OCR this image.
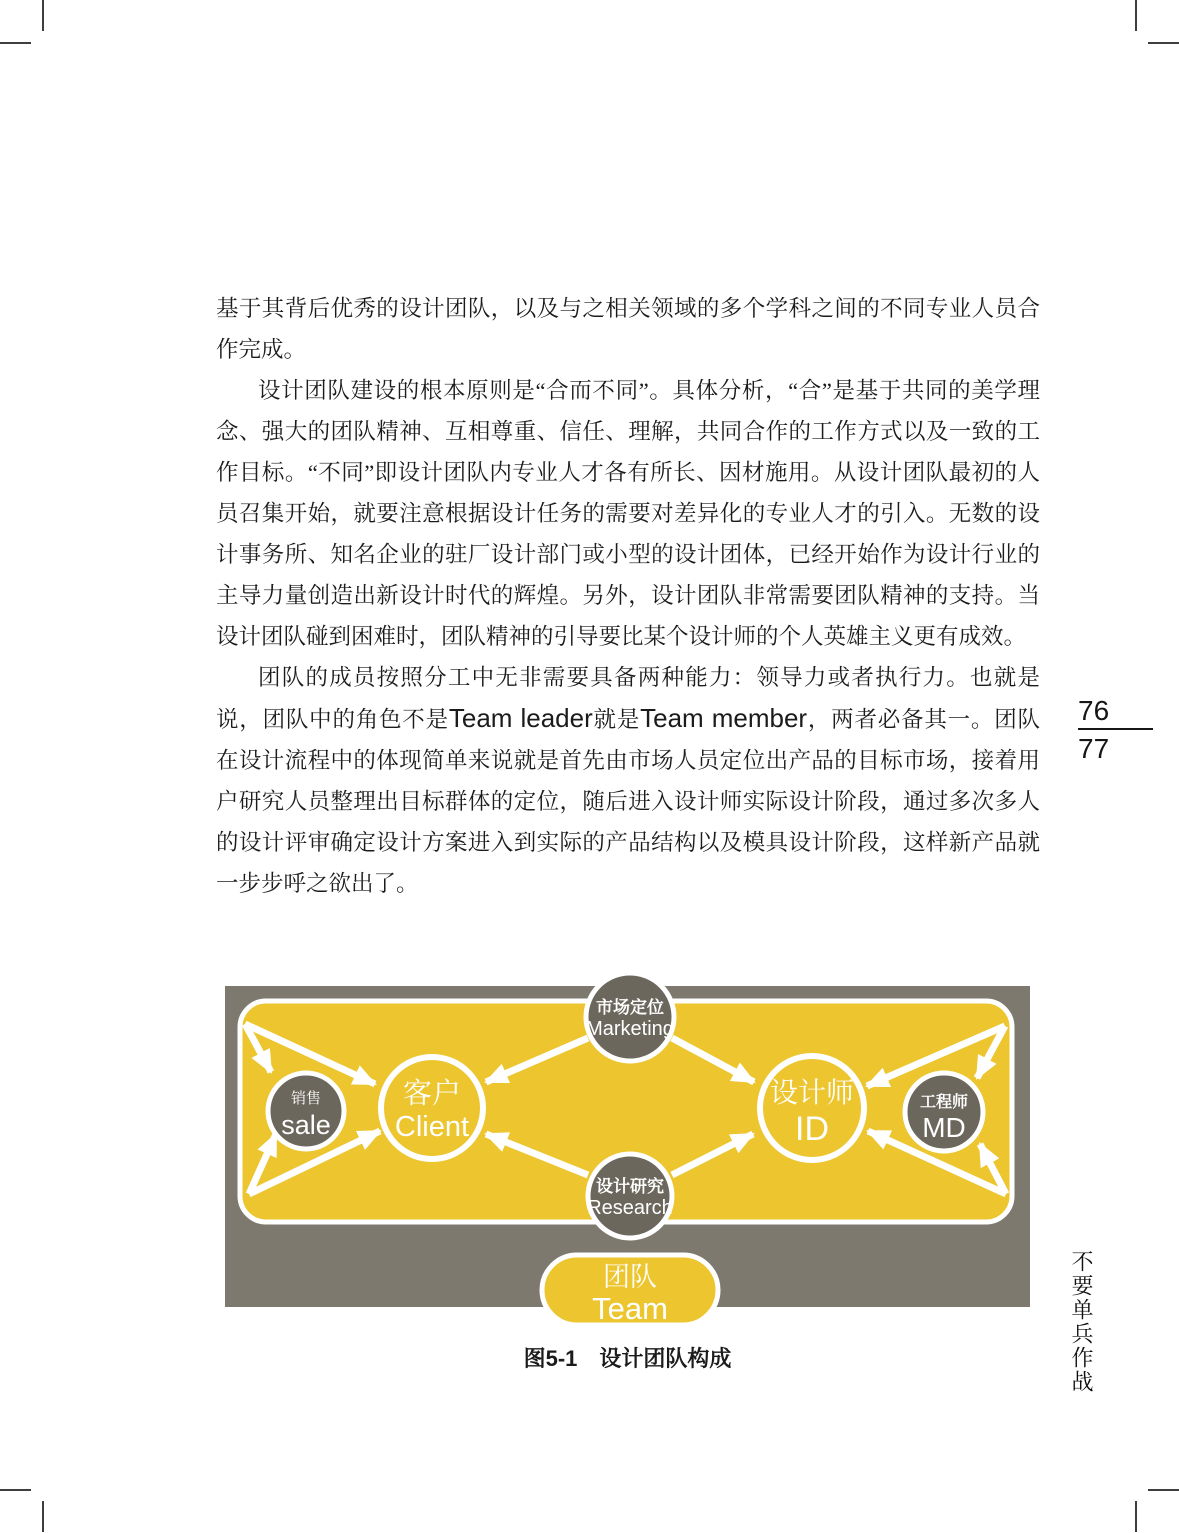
基于其背后优秀的设计团队，以及与之相关领域的多个学科之间的不同专业人员合作完成。

设计团队建设的根本原则是“合而不同”。具体分析，“合”是基于共同的美学理念、强大的团队精神、互相尊重、信任、理解，共同合作的工作方式以及一致的工作目标。“不同”即设计团队内专业人才各有所长、因材施用。从设计团队最初的人员召集开始，就要注意根据设计任务的需要对差异化的专业人才的引入。无数的设计事务所、知名企业的驻厂设计部门或小型的设计团体，已经开始作为设计行业的主导力量创造出新设计时代的辉煌。另外，设计团队非常需要团队精神的支持。当设计团队碰到困难时，团队精神的引导要比某个设计师的个人英雄主义更有成效。

团队的成员按照分工中无非需要具备两种能力：领导力或者执行力。也就是说，团队中的角色不是Team leader就是Team member，两者必备其一。团队在设计流程中的体现简单来说就是首先由市场人员定位出产品的目标市场，接着用户研究人员整理出目标群体的定位，随后进入设计师实际设计阶段，通过多次多人的设计评审确定设计方案进入到实际的产品结构以及模具设计阶段，这样新产品就一步步呼之欲出了。

76
77
销售
sale
客户
Client
市场定位
Marketing
设计研究
Research
设计师
ID
工程师
MD
团队
Team
图5-1　设计团队构成	不要单兵作战
